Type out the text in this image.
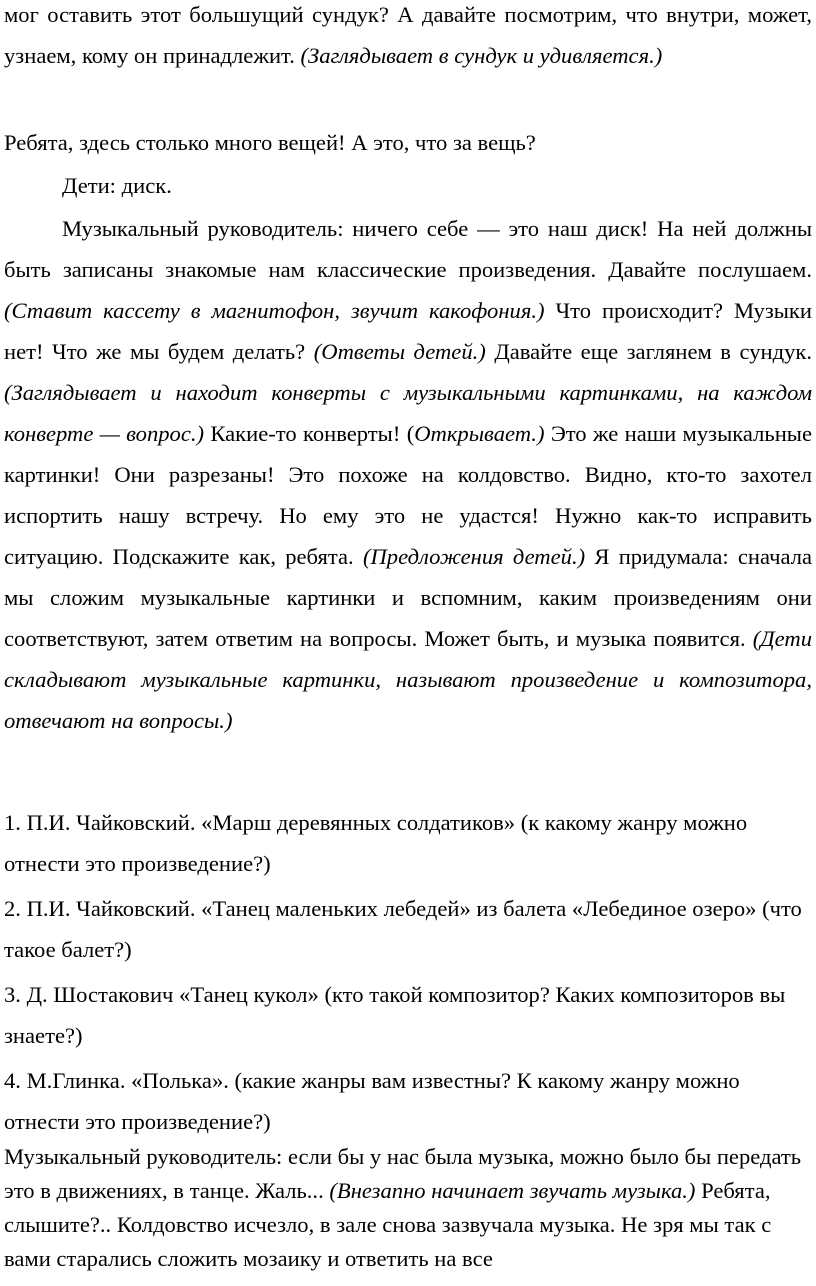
мог оставить этот большущий сундук? А давайте посмотрим, что внутри, может, узнаем, кому он принадлежит. (Заглядывает в сундук и удивляется.)

Ребята, здесь столько много вещей! А это, что за вещь?

Дети: диск.

Музыкальный руководитель: ничего себе — это наш диск! На ней должны быть записаны знакомые нам классические произведения. Давайте послушаем. (Ставит кассету в магнитофон, звучит какофония.) Что происходит? Музыки нет! Что же мы будем делать? (Ответы детей.) Давайте еще заглянем в сундук. (Заглядывает и находит конверты с музыкальными картинками, на каждом конверте — вопрос.) Какие-то конверты! (Открывает.) Это же наши музыкальные картинки! Они разрезаны! Это похоже на колдовство. Видно, кто-то захотел испортить нашу встречу. Но ему это не удастся! Нужно как-то исправить ситуацию. Подскажите как, ребята. (Предложения детей.) Я придумала: сначала мы сложим музыкальные картинки и вспомним, каким произведениям они соответствуют, затем ответим на вопросы. Может быть, и музыка появится. (Дети складывают музыкальные картинки, называют произведение и композитора, отвечают на вопросы.)

1. П.И. Чайковский. «Марш деревянных солдатиков» (к какому жанру можно отнести это произведение?)

2. П.И. Чайковский. «Танец маленьких лебедей» из балета «Лебединое озеро» (что такое балет?)

3. Д. Шостакович «Танец кукол» (кто такой композитор? Каких композиторов вы знаете?)

4. М.Глинка. «Полька». (какие жанры вам известны? К какому жанру можно отнести это произведение?)

Музыкальный руководитель: если бы у нас была музыка, можно было бы передать это в движениях, в танце. Жаль... (Внезапно начинает звучать музыка.) Ребята, слышите?.. Колдовство исчезло, в зале снова зазвучала музыка. Не зря мы так с вами старались сложить мозаику и ответить на все
